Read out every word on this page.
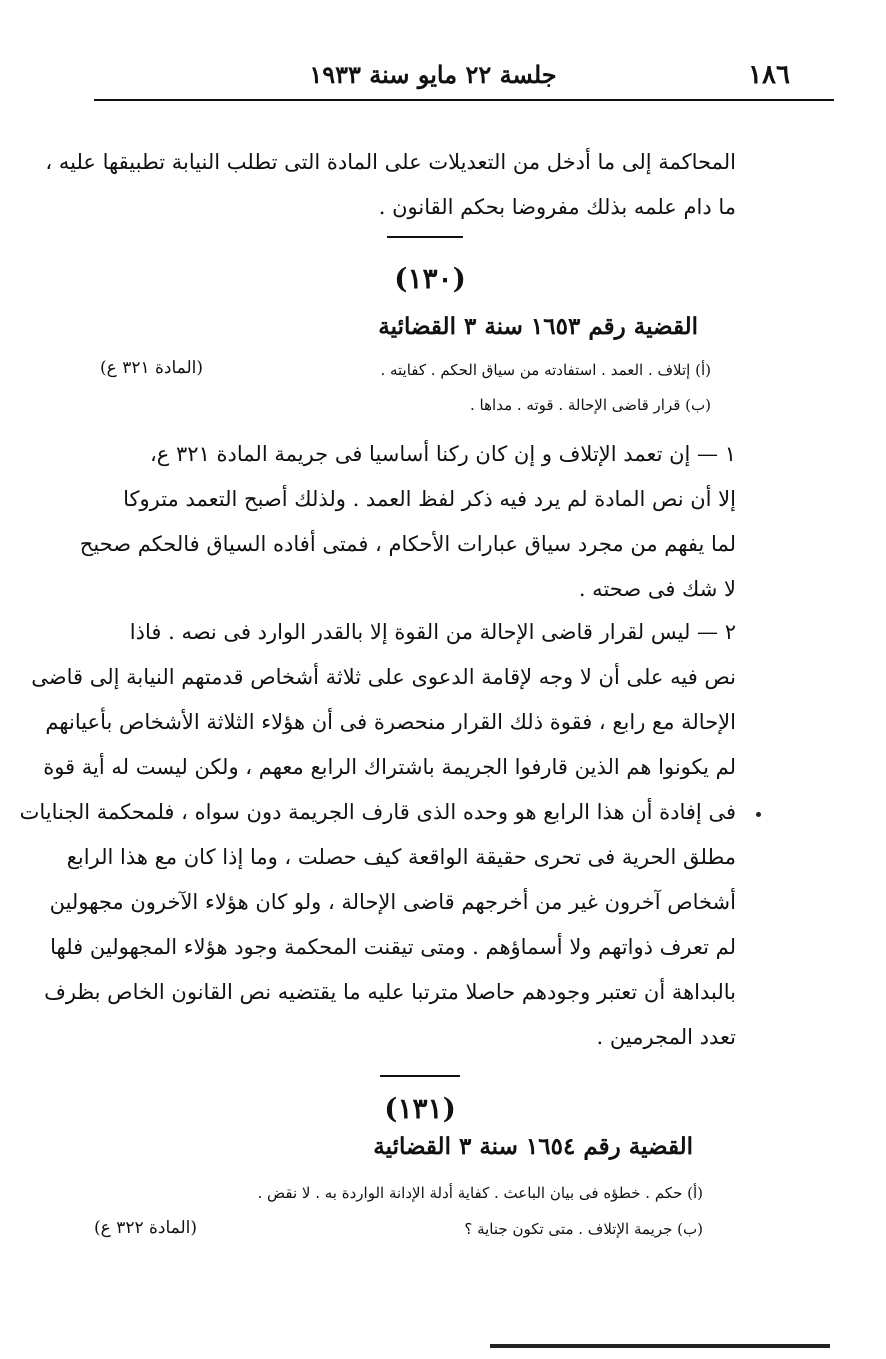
١٨٦
جلسة ٢٢ مايو سنة ١٩٣٣
المحاكمة إلى ما أدخل من التعديلات على المادة التى تطلب النيابة تطبيقها عليه ،
ما دام علمه بذلك مفروضا بحكم القانون .
(١٣٠)
القضية رقم ١٦٥٣ سنة ٣ القضائية
(أ) إتلاف . العمد . استفادته من سياق الحكم . كفايته .
(المادة ٣٢١ ع)
(ب) قرار قاضى الإحالة . قوته . مداها .
١ — إن تعمد الإتلاف و إن كان ركنا أساسيا فى جريمة المادة ٣٢١ ع،
إلا أن نص المادة لم يرد فيه ذكر لفظ العمد . ولذلك أصبح التعمد متروكا
لما يفهم من مجرد سياق عبارات الأحكام ، فمتى أفاده السياق فالحكم صحيح
لا شك فى صحته .
٢ — ليس لقرار قاضى الإحالة من القوة إلا بالقدر الوارد فى نصه . فاذا
نص فيه على أن لا وجه لإقامة الدعوى على ثلاثة أشخاص قدمتهم النيابة إلى قاضى
الإحالة مع رابع ، فقوة ذلك القرار منحصرة فى أن هؤلاء الثلاثة الأشخاص بأعيانهم
لم يكونوا هم الذين قارفوا الجريمة باشتراك الرابع معهم ، ولكن ليست له أية قوة
فى إفادة أن هذا الرابع هو وحده الذى قارف الجريمة دون سواه ، فلمحكمة الجنايات
مطلق الحرية فى تحرى حقيقة الواقعة كيف حصلت ، وما إذا كان مع هذا الرابع
أشخاص آخرون غير من أخرجهم قاضى الإحالة ، ولو كان هؤلاء الآخرون مجهولين
لم تعرف ذواتهم ولا أسماؤهم . ومتى تيقنت المحكمة وجود هؤلاء المجهولين فلها
بالبداهة أن تعتبر وجودهم حاصلا مترتبا عليه ما يقتضيه نص القانون الخاص بظرف
تعدد المجرمين .
(١٣١)
القضية رقم ١٦٥٤ سنة ٣ القضائية
(أ) حكم . خطؤه فى بيان الباعث . كفاية أدلة الإدانة الواردة به . لا نقض .
(ب) جريمة الإتلاف . متى تكون جناية ؟
(المادة ٣٢٢ ع)
